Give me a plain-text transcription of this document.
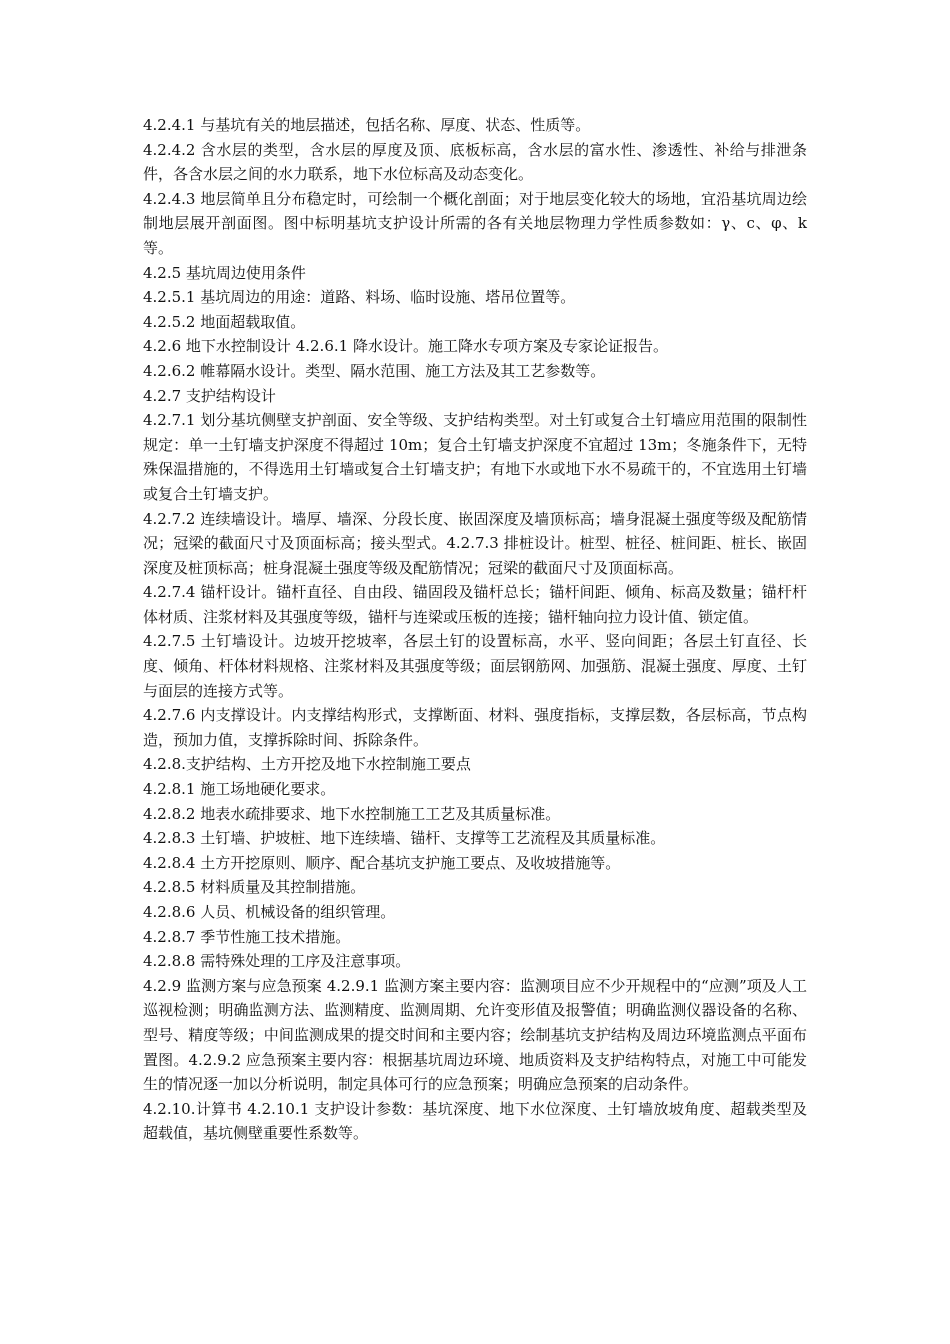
4.2.4.1 与基坑有关的地层描述，包括名称、厚度、状态、性质等。

4.2.4.2 含水层的类型，含水层的厚度及顶、底板标高，含水层的富水性、渗透性、补给与排泄条件，各含水层之间的水力联系，地下水位标高及动态变化。

4.2.4.3 地层简单且分布稳定时，可绘制一个概化剖面；对于地层变化较大的场地，宜沿基坑周边绘制地层展开剖面图。图中标明基坑支护设计所需的各有关地层物理力学性质参数如：γ、c、φ、k 等。

4.2.5 基坑周边使用条件

4.2.5.1 基坑周边的用途：道路、料场、临时设施、塔吊位置等。

4.2.5.2 地面超载取值。

4.2.6 地下水控制设计 4.2.6.1 降水设计。施工降水专项方案及专家论证报告。

4.2.6.2 帷幕隔水设计。类型、隔水范围、施工方法及其工艺参数等。

4.2.7 支护结构设计

4.2.7.1 划分基坑侧壁支护剖面、安全等级、支护结构类型。对土钉或复合土钉墙应用范围的限制性规定：单一土钉墙支护深度不得超过 10m；复合土钉墙支护深度不宜超过 13m；冬施条件下，无特殊保温措施的，不得选用土钉墙或复合土钉墙支护；有地下水或地下水不易疏干的，不宜选用土钉墙或复合土钉墙支护。

4.2.7.2 连续墙设计。墙厚、墙深、分段长度、嵌固深度及墙顶标高；墙身混凝土强度等级及配筋情况；冠梁的截面尺寸及顶面标高；接头型式。4.2.7.3 排桩设计。桩型、桩径、桩间距、桩长、嵌固深度及桩顶标高；桩身混凝土强度等级及配筋情况；冠梁的截面尺寸及顶面标高。

4.2.7.4 锚杆设计。锚杆直径、自由段、锚固段及锚杆总长；锚杆间距、倾角、标高及数量；锚杆杆体材质、注浆材料及其强度等级，锚杆与连梁或压板的连接；锚杆轴向拉力设计值、锁定值。

4.2.7.5 土钉墙设计。边坡开挖坡率，各层土钉的设置标高，水平、竖向间距；各层土钉直径、长度、倾角、杆体材料规格、注浆材料及其强度等级；面层钢筋网、加强筋、混凝土强度、厚度、土钉与面层的连接方式等。

4.2.7.6 内支撑设计。内支撑结构形式，支撑断面、材料、强度指标，支撑层数，各层标高，节点构造，预加力值，支撑拆除时间、拆除条件。

4.2.8.支护结构、土方开挖及地下水控制施工要点

4.2.8.1 施工场地硬化要求。

4.2.8.2 地表水疏排要求、地下水控制施工工艺及其质量标准。

4.2.8.3 土钉墙、护坡桩、地下连续墙、锚杆、支撑等工艺流程及其质量标准。

4.2.8.4 土方开挖原则、顺序、配合基坑支护施工要点、及收坡措施等。

4.2.8.5 材料质量及其控制措施。

4.2.8.6 人员、机械设备的组织管理。

4.2.8.7 季节性施工技术措施。

4.2.8.8 需特殊处理的工序及注意事项。

4.2.9 监测方案与应急预案 4.2.9.1 监测方案主要内容：监测项目应不少开规程中的“应测”项及人工巡视检测；明确监测方法、监测精度、监测周期、允许变形值及报警值；明确监测仪器设备的名称、型号、精度等级；中间监测成果的提交时间和主要内容；绘制基坑支护结构及周边环境监测点平面布置图。4.2.9.2 应急预案主要内容：根据基坑周边环境、地质资料及支护结构特点，对施工中可能发生的情况逐一加以分析说明，制定具体可行的应急预案；明确应急预案的启动条件。

4.2.10.计算书 4.2.10.1 支护设计参数：基坑深度、地下水位深度、土钉墙放坡角度、超载类型及超载值，基坑侧壁重要性系数等。
